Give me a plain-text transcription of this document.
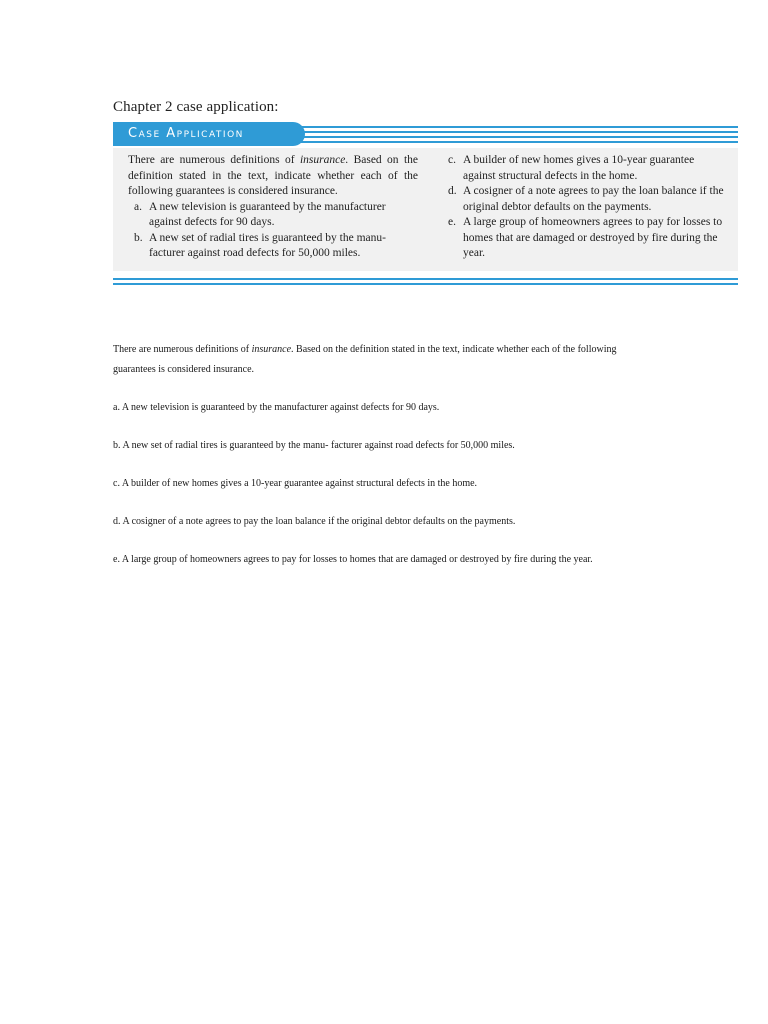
Chapter 2 case application:
Case Application

There are numerous definitions of insurance. Based on the definition stated in the text, indicate whether each of the following guarantees is considered insurance.

a. A new television is guaranteed by the manufacturer against defects for 90 days.
b. A new set of radial tires is guaranteed by the manu-facturer against road defects for 50,000 miles.
c. A builder of new homes gives a 10-year guarantee against structural defects in the home.
d. A cosigner of a note agrees to pay the loan balance if the original debtor defaults on the payments.
e. A large group of homeowners agrees to pay for losses to homes that are damaged or destroyed by fire during the year.

There are numerous definitions of insurance. Based on the definition stated in the text, indicate whether each of the following guarantees is considered insurance.

a. A new television is guaranteed by the manufacturer against defects for 90 days.

b. A new set of radial tires is guaranteed by the manu- facturer against road defects for 50,000 miles.

c. A builder of new homes gives a 10-year guarantee against structural defects in the home.

d. A cosigner of a note agrees to pay the loan balance if the original debtor defaults on the payments.

e. A large group of homeowners agrees to pay for losses to homes that are damaged or destroyed by fire during the year.
